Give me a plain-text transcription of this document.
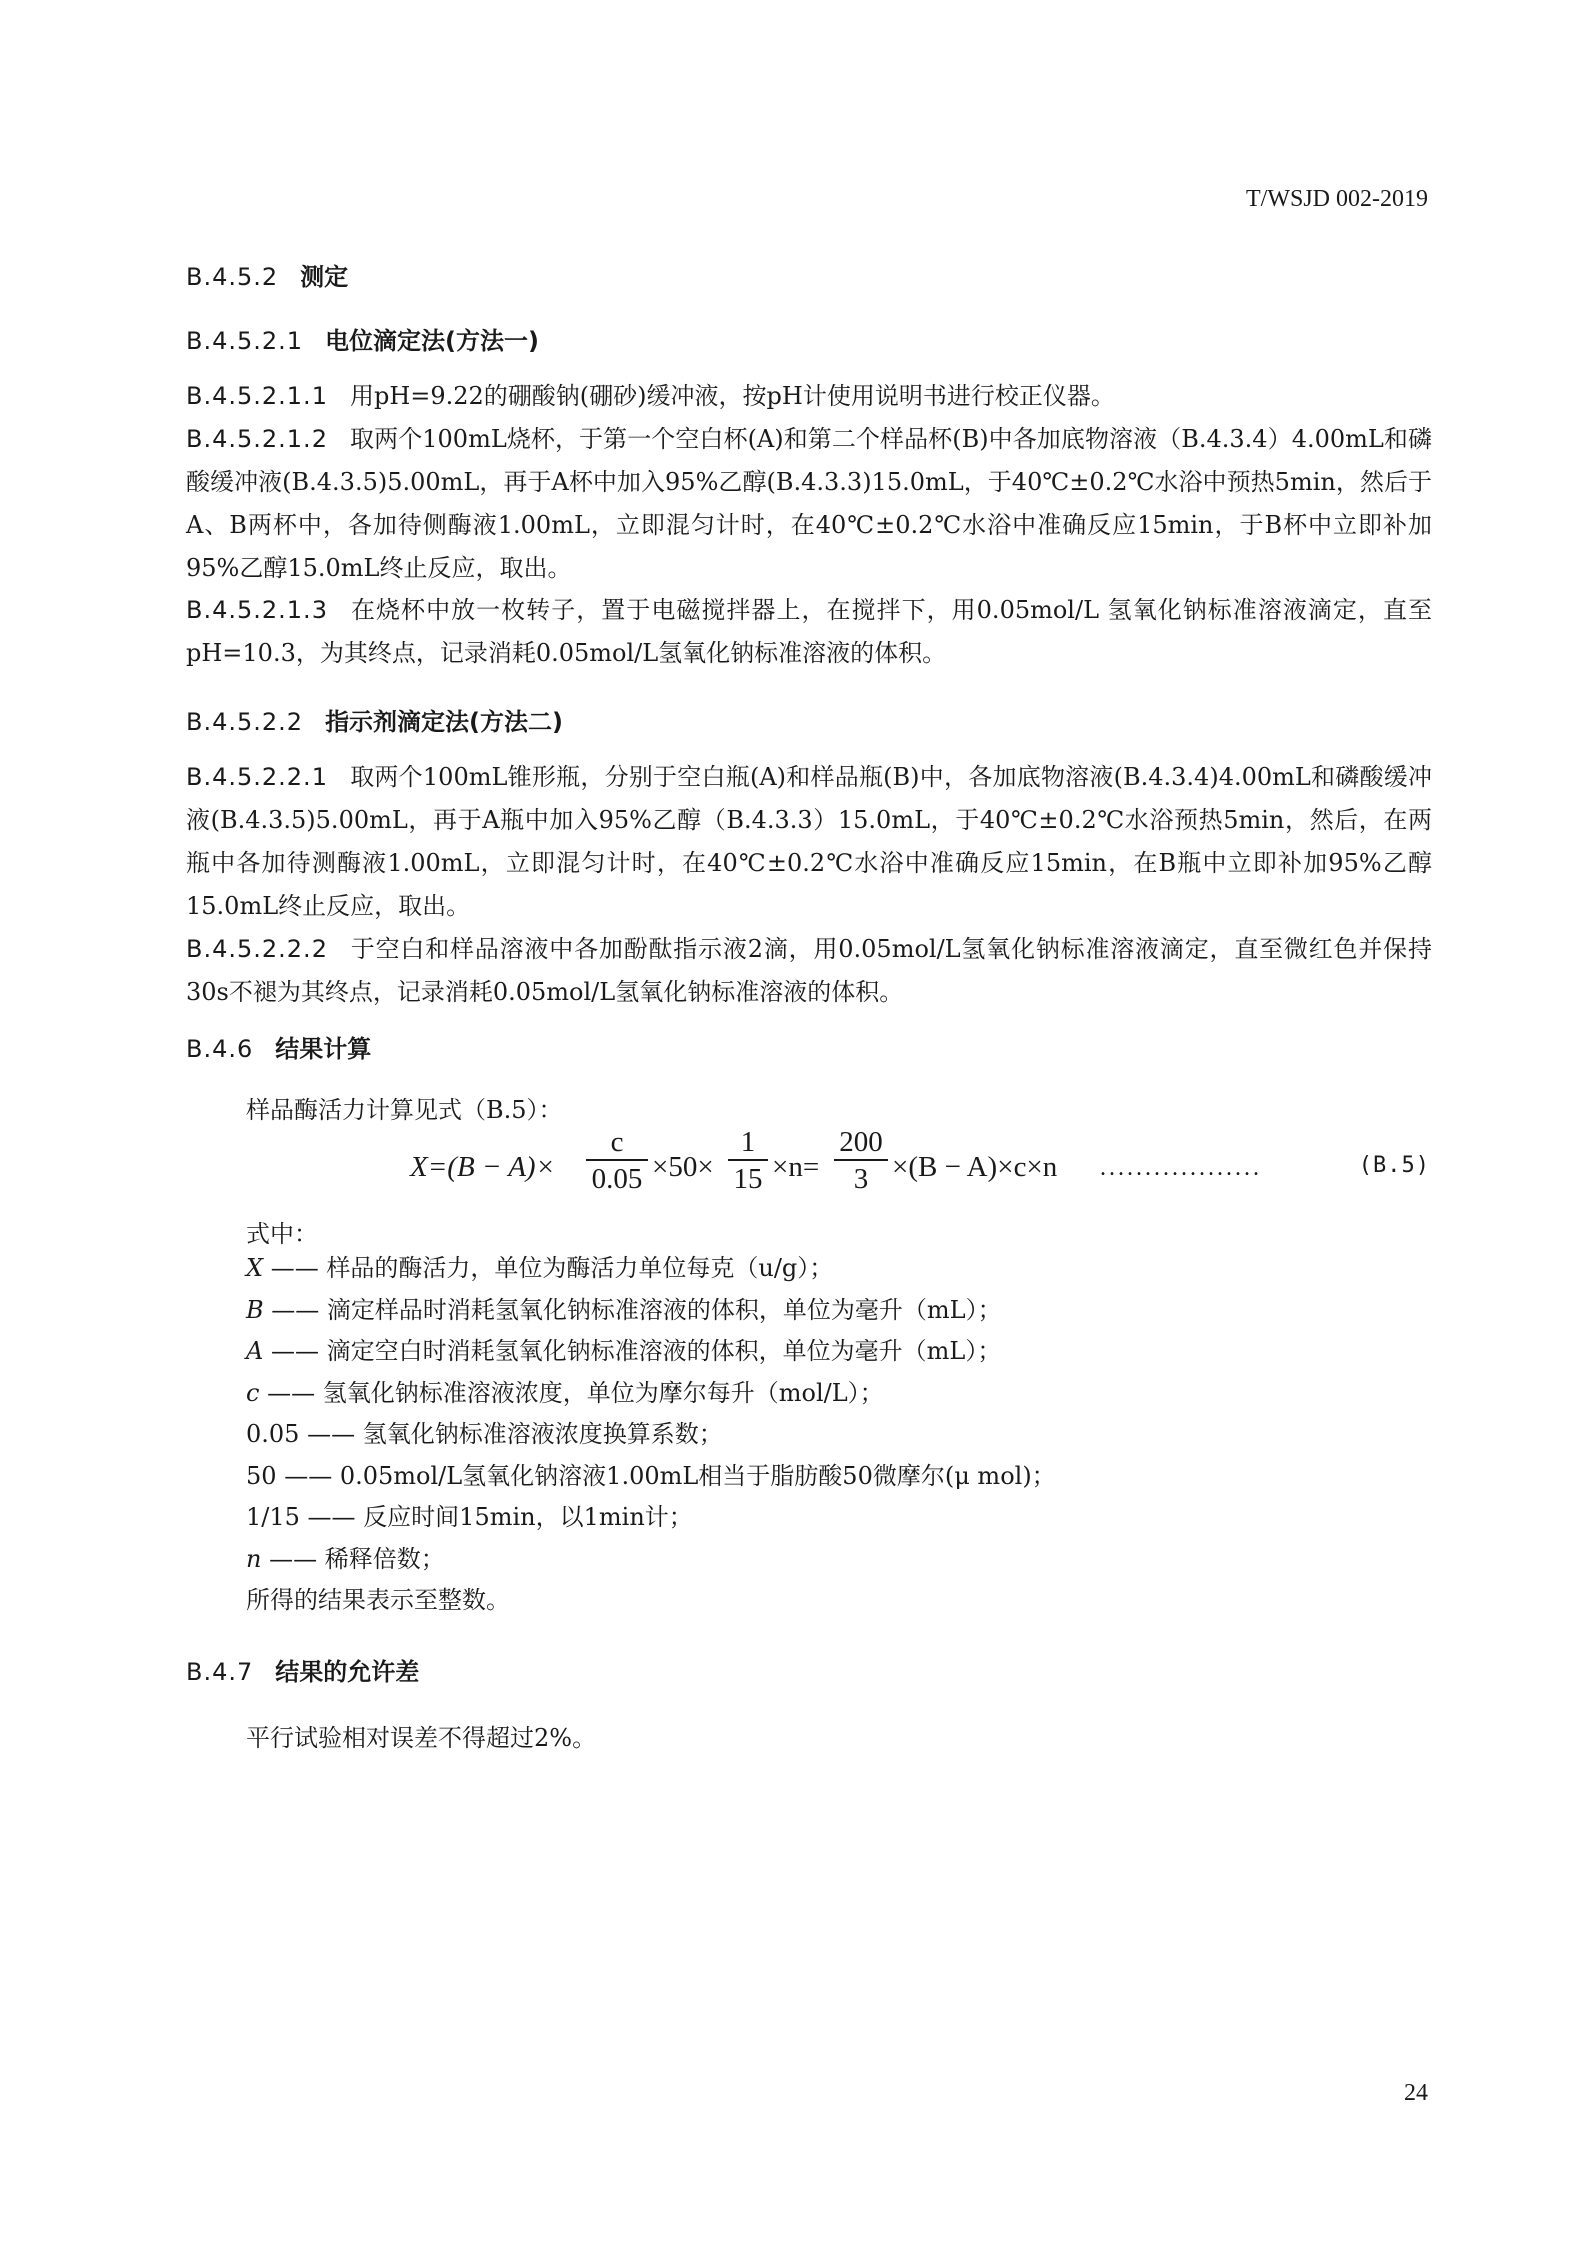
T/WSJD 002-2019
B.4.5.2 测定
B.4.5.2.1 电位滴定法(方法一)
B.4.5.2.1.1 用pH=9.22的硼酸钠(硼砂)缓冲液，按pH计使用说明书进行校正仪器。
B.4.5.2.1.2 取两个100mL烧杯，于第一个空白杯(A)和第二个样品杯(B)中各加底物溶液（B.4.3.4）4.00mL和磷酸缓冲液(B.4.3.5)5.00mL，再于A杯中加入95%乙醇(B.4.3.3)15.0mL，于40℃±0.2℃水浴中预热5min，然后于A、B两杯中，各加待侧酶液1.00mL，立即混匀计时，在40℃±0.2℃水浴中准确反应15min，于B杯中立即补加95%乙醇15.0mL终止反应，取出。
B.4.5.2.1.3 在烧杯中放一枚转子，置于电磁搅拌器上，在搅拌下，用0.05mol/L 氢氧化钠标准溶液滴定，直至pH=10.3，为其终点，记录消耗0.05mol/L氢氧化钠标准溶液的体积。
B.4.5.2.2 指示剂滴定法(方法二)
B.4.5.2.2.1 取两个100mL锥形瓶，分别于空白瓶(A)和样品瓶(B)中，各加底物溶液(B.4.3.4)4.00mL和磷酸缓冲液(B.4.3.5)5.00mL，再于A瓶中加入95%乙醇（B.4.3.3）15.0mL，于40℃±0.2℃水浴预热5min，然后，在两瓶中各加待测酶液1.00mL，立即混匀计时，在40℃±0.2℃水浴中准确反应15min，在B瓶中立即补加95%乙醇15.0mL终止反应，取出。
B.4.5.2.2.2 于空白和样品溶液中各加酚酞指示液2滴，用0.05mol/L氢氧化钠标准溶液滴定，直至微红色并保持30s不褪为其终点，记录消耗0.05mol/L氢氧化钠标准溶液的体积。
B.4.6 结果计算
样品酶活力计算见式（B.5）：
X=(B − A)×
c
0.05 ×50×
1
15 ×n=
200
3 ×(B − A)×c×n ..................	(B.5)
式中：
X —— 样品的酶活力，单位为酶活力单位每克（u/g）；
B —— 滴定样品时消耗氢氧化钠标准溶液的体积，单位为毫升（mL）；
A —— 滴定空白时消耗氢氧化钠标准溶液的体积，单位为毫升（mL）；
c —— 氢氧化钠标准溶液浓度，单位为摩尔每升（mol/L）；
0.05 —— 氢氧化钠标准溶液浓度换算系数；
50 —— 0.05mol/L氢氧化钠溶液1.00mL相当于脂肪酸50微摩尔(μ mol)；
1/15 —— 反应时间15min，以1min计；
n —— 稀释倍数；
所得的结果表示至整数。
B.4.7 结果的允许差
平行试验相对误差不得超过2%。
24
